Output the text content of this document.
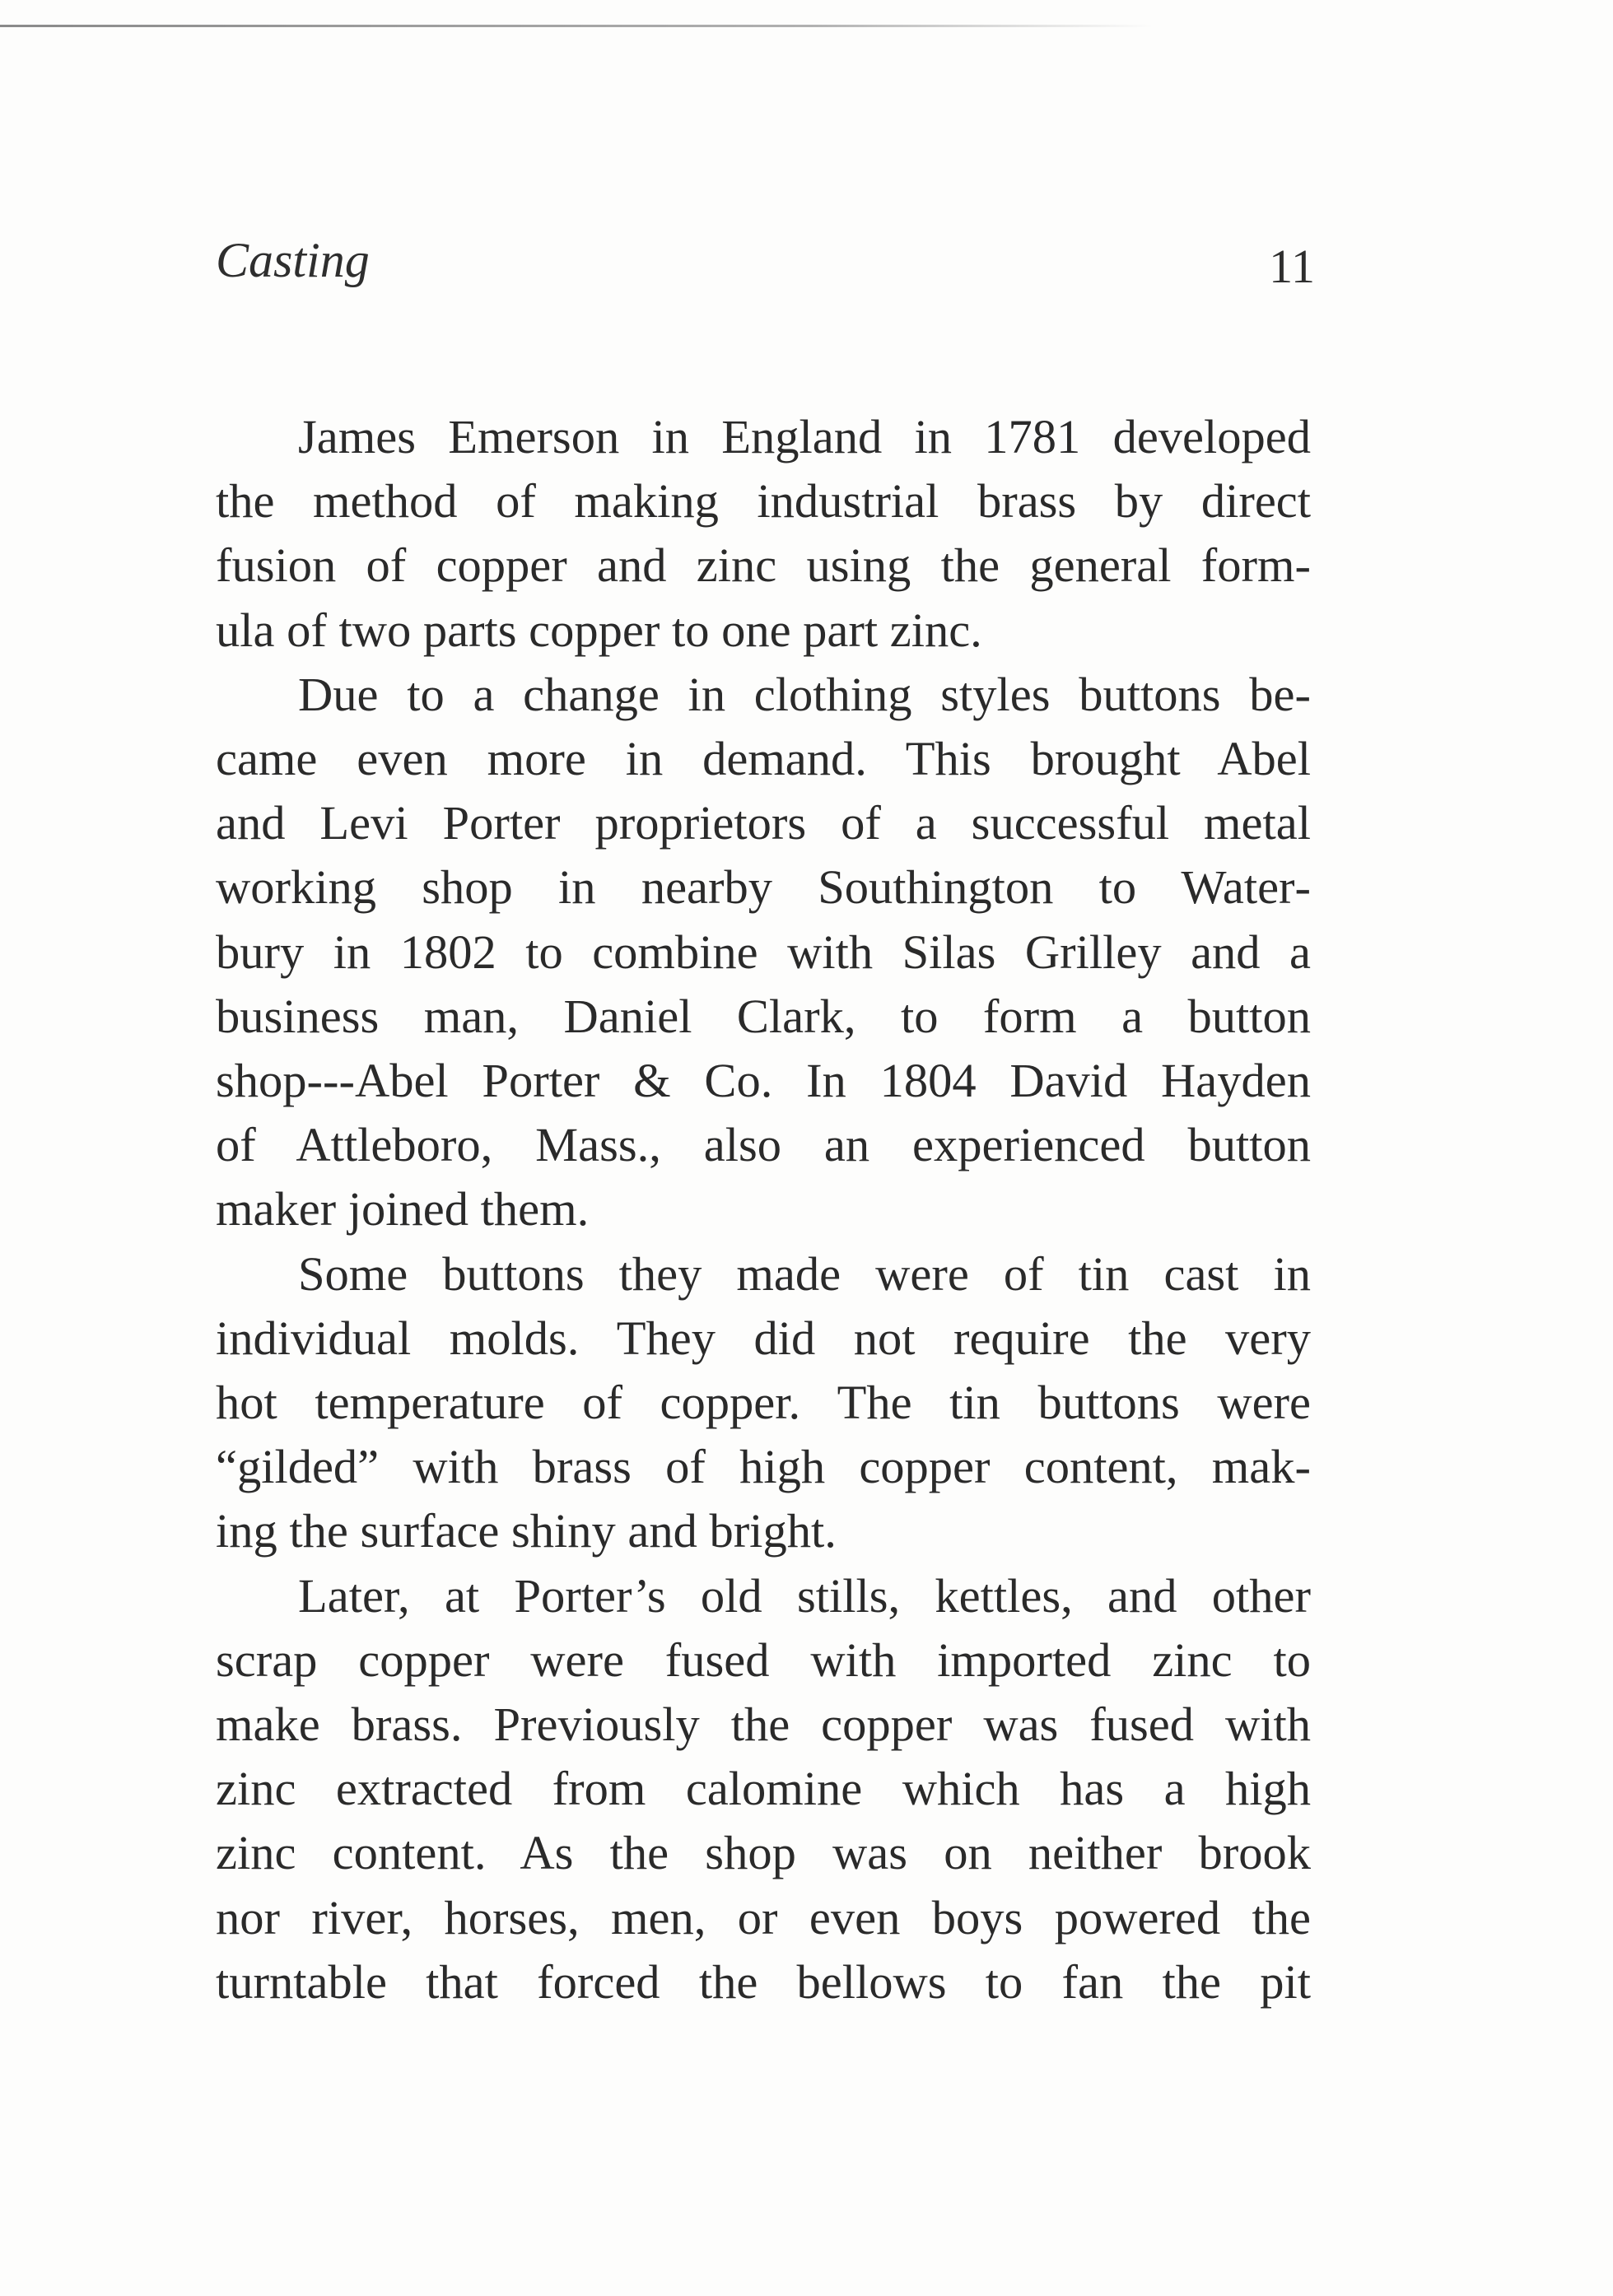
Casting	11
James Emerson in England in 1781 developed
the method of making industrial brass by direct
fusion of copper and zinc using the general form‑
ula of two parts copper to one part zinc.
Due to a change in clothing styles buttons be‑
came even more in demand. This brought Abel
and Levi Porter proprietors of a successful metal
working shop in nearby Southington to Water‑
bury in 1802 to combine with Silas Grilley and a
business man, Daniel Clark, to form a button
shop---Abel Porter & Co. In 1804 David Hayden
of Attleboro, Mass., also an experienced button
maker joined them.
Some buttons they made were of tin cast in
individual molds. They did not require the very
hot temperature of copper. The tin buttons were
“gilded” with brass of high copper content, mak‑
ing the surface shiny and bright.
Later, at Porter’s old stills, kettles, and other
scrap copper were fused with imported zinc to
make brass. Previously the copper was fused with
zinc extracted from calomine which has a high
zinc content. As the shop was on neither brook
nor river, horses, men, or even boys powered the
turntable that forced the bellows to fan the pit
